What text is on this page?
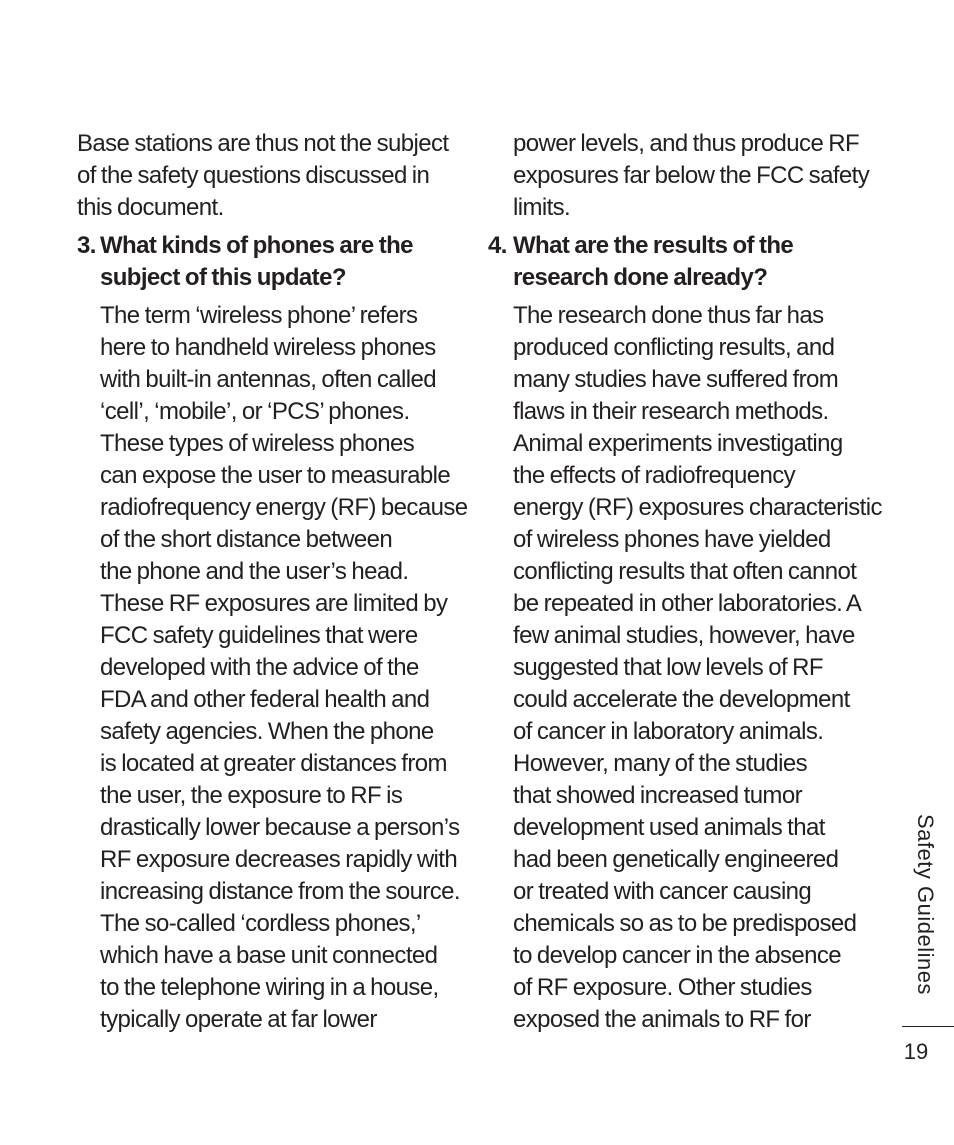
Base stations are thus not the subject
of the safety questions discussed in
this document.
3. What kinds of phones are the
subject of this update?
The term ‘wireless phone’ refers
here to handheld wireless phones
with built-in antennas, often called
‘cell’, ‘mobile’, or ‘PCS’ phones.
These types of wireless phones
can expose the user to measurable
radiofrequency energy (RF) because
of the short distance between
the phone and the user’s head.
These RF exposures are limited by
FCC safety guidelines that were
developed with the advice of the
FDA and other federal health and
safety agencies. When the phone
is located at greater distances from
the user, the exposure to RF is
drastically lower because a person’s
RF exposure decreases rapidly with
increasing distance from the source.
The so-called ‘cordless phones,’
which have a base unit connected
to the telephone wiring in a house,
typically operate at far lower
power levels, and thus produce RF
exposures far below the FCC safety
limits.
4. What are the results of the
research done already?
The research done thus far has
produced conflicting results, and
many studies have suffered from
flaws in their research methods.
Animal experiments investigating
the effects of radiofrequency
energy (RF) exposures characteristic
of wireless phones have yielded
conflicting results that often cannot
be repeated in other laboratories. A
few animal studies, however, have
suggested that low levels of RF
could accelerate the development
of cancer in laboratory animals.
However, many of the studies
that showed increased tumor
development used animals that
had been genetically engineered
or treated with cancer causing
chemicals so as to be predisposed
to develop cancer in the absence
of RF exposure. Other studies
exposed the animals to RF for
Safety Guidelines
19
